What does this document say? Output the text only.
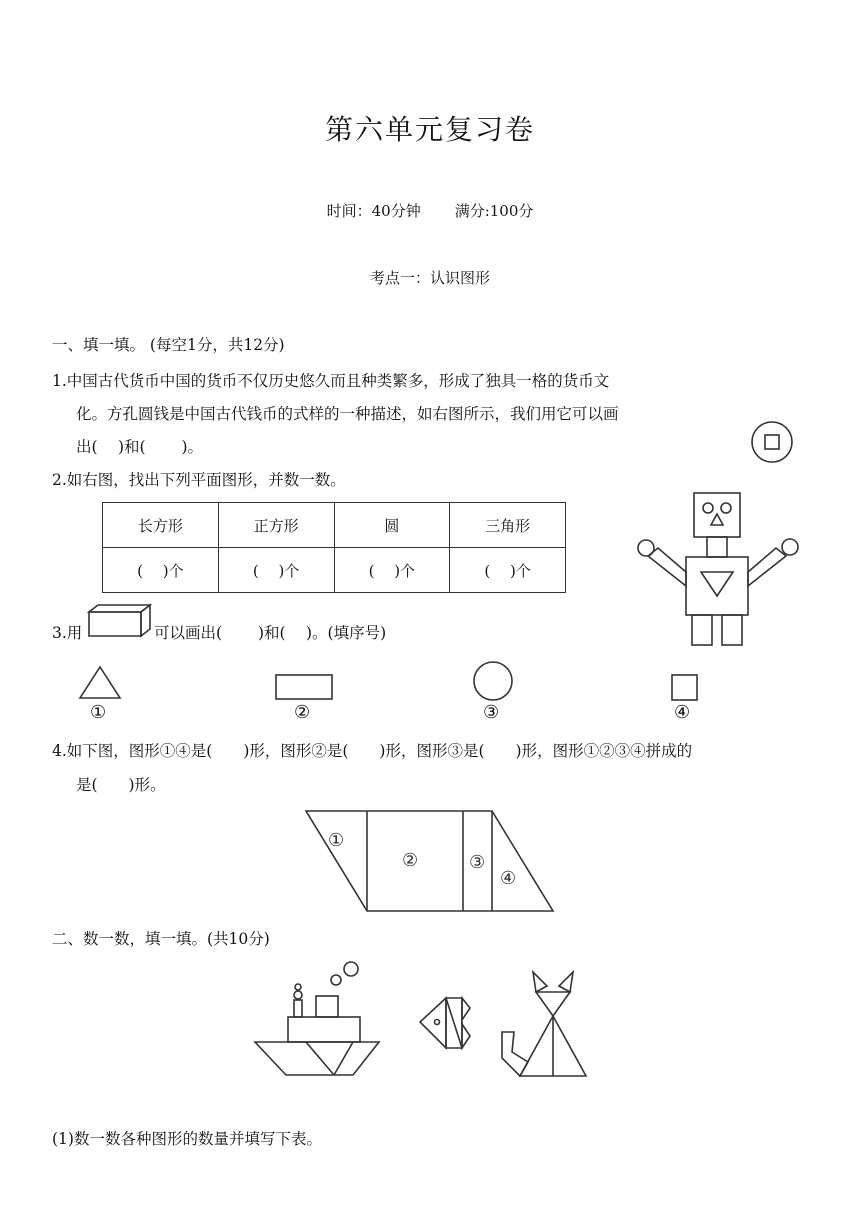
第六单元复习卷
时间：40分钟 满分:100分
考点一：认识图形
一、填一填。 (每空1分，共12分)
1.中国古代货币中国的货币不仅历史悠久而且种类繁多，形成了独具一格的货币文
化。方孔圆钱是中国古代钱币的式样的一种描述，如右图所示，我们用它可以画
出(　 )和(　　 )。
2.如右图，找出下列平面图形，并数一数。
长方形	正方形	圆	三角形
(　 )个	(　 )个	(　 )个	(　 )个
3.用	可以画出(　　 )和(　 )。(填序号)
①	②	③	④
4.如下图，图形①④是(　　)形，图形②是(　　)形，图形③是(　　)形，图形①②③④拼成的
是(　　)形。
①
②	③
④
二、数一数，填一填。(共10分)
(1)数一数各种图形的数量并填写下表。
